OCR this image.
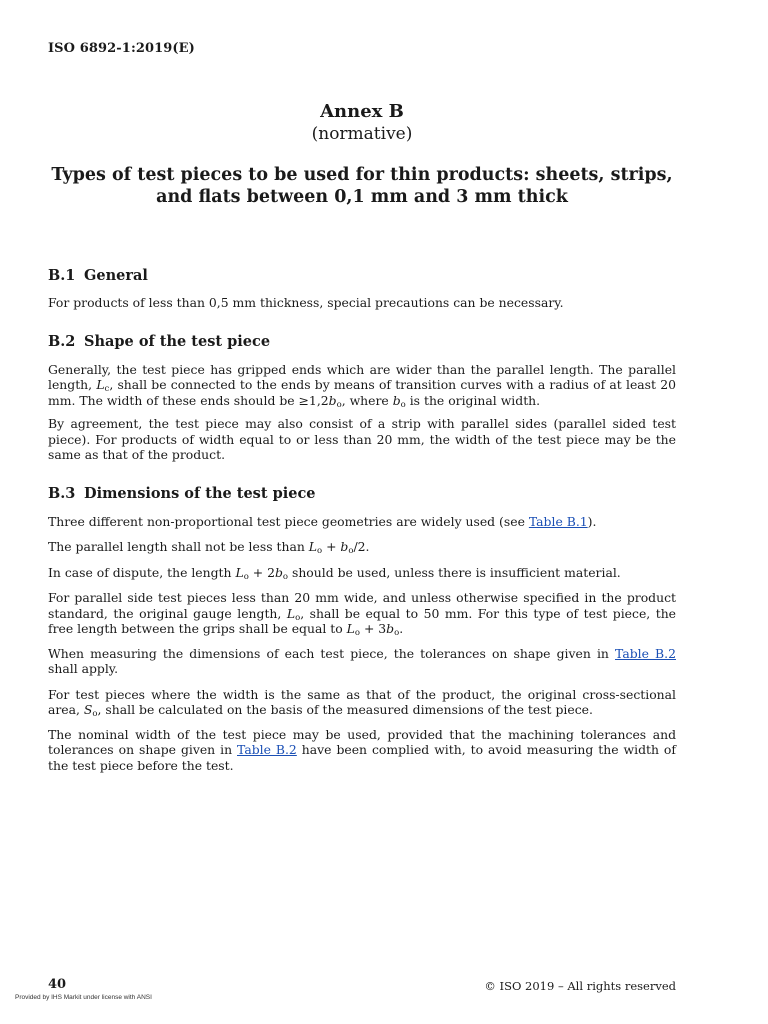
ISO 6892-1:2019(E)
Annex B
(normative)
Types of test pieces to be used for thin products: sheets, strips,
and flats between 0,1 mm and 3 mm thick
B.1 General

For products of less than 0,5 mm thickness, special precautions can be necessary.

B.2 Shape of the test piece

Generally, the test piece has gripped ends which are wider than the parallel length. The parallel length, $L_c$, shall be connected to the ends by means of transition curves with a radius of at least 20 mm. The width of these ends should be $\ge 1,2b_o$, where $b_o$ is the original width.

By agreement, the test piece may also consist of a strip with parallel sides (parallel sided test piece). For products of width equal to or less than 20 mm, the width of the test piece may be the same as that of the product.

B.3 Dimensions of the test piece

Three different non-proportional test piece geometries are widely used (see Table B.1).

The parallel length shall not be less than $L_o + b_o/2$.

In case of dispute, the length $L_o + 2b_o$ should be used, unless there is insufficient material.

For parallel side test pieces less than 20 mm wide, and unless otherwise specified in the product standard, the original gauge length, $L_o$, shall be equal to 50 mm. For this type of test piece, the free length between the grips shall be equal to $L_o + 3b_o$.

When measuring the dimensions of each test piece, the tolerances on shape given in Table B.2 shall apply.

For test pieces where the width is the same as that of the product, the original cross-sectional area, $S_o$, shall be calculated on the basis of the measured dimensions of the test piece.

The nominal width of the test piece may be used, provided that the machining tolerances and tolerances on shape given in Table B.2 have been complied with, to avoid measuring the width of the test piece before the test.

40	© ISO 2019 – All rights reserved
Provided by IHS Markit under license with ANSI
